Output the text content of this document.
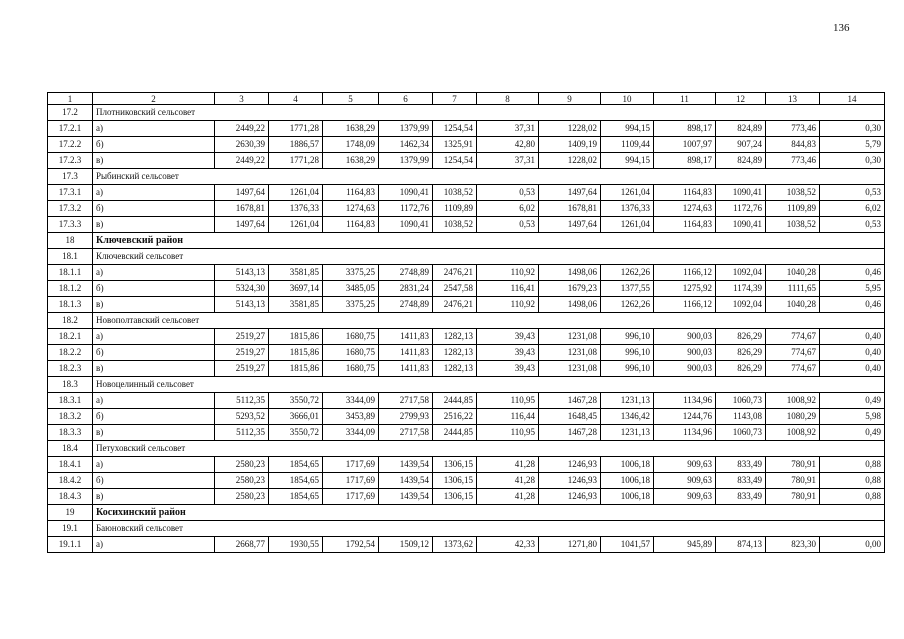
136
1	2	3	4	5	6	7	8	9	10	11	12	13	14
17.2	Плотниковский сельсовет												
17.2.1	а)	2449,22	1771,28	1638,29	1379,99	1254,54	37,31	1228,02	994,15	898,17	824,89	773,46	0,30
17.2.2	б)	2630,39	1886,57	1748,09	1462,34	1325,91	42,80	1409,19	1109,44	1007,97	907,24	844,83	5,79
17.2.3	в)	2449,22	1771,28	1638,29	1379,99	1254,54	37,31	1228,02	994,15	898,17	824,89	773,46	0,30
17.3	Рыбинский сельсовет												
17.3.1	а)	1497,64	1261,04	1164,83	1090,41	1038,52	0,53	1497,64	1261,04	1164,83	1090,41	1038,52	0,53
17.3.2	б)	1678,81	1376,33	1274,63	1172,76	1109,89	6,02	1678,81	1376,33	1274,63	1172,76	1109,89	6,02
17.3.3	в)	1497,64	1261,04	1164,83	1090,41	1038,52	0,53	1497,64	1261,04	1164,83	1090,41	1038,52	0,53
18	Ключевский район												
18.1	Ключевский сельсовет												
18.1.1	а)	5143,13	3581,85	3375,25	2748,89	2476,21	110,92	1498,06	1262,26	1166,12	1092,04	1040,28	0,46
18.1.2	б)	5324,30	3697,14	3485,05	2831,24	2547,58	116,41	1679,23	1377,55	1275,92	1174,39	1111,65	5,95
18.1.3	в)	5143,13	3581,85	3375,25	2748,89	2476,21	110,92	1498,06	1262,26	1166,12	1092,04	1040,28	0,46
18.2	Новополтавский сельсовет												
18.2.1	а)	2519,27	1815,86	1680,75	1411,83	1282,13	39,43	1231,08	996,10	900,03	826,29	774,67	0,40
18.2.2	б)	2519,27	1815,86	1680,75	1411,83	1282,13	39,43	1231,08	996,10	900,03	826,29	774,67	0,40
18.2.3	в)	2519,27	1815,86	1680,75	1411,83	1282,13	39,43	1231,08	996,10	900,03	826,29	774,67	0,40
18.3	Новоцелинный сельсовет												
18.3.1	а)	5112,35	3550,72	3344,09	2717,58	2444,85	110,95	1467,28	1231,13	1134,96	1060,73	1008,92	0,49
18.3.2	б)	5293,52	3666,01	3453,89	2799,93	2516,22	116,44	1648,45	1346,42	1244,76	1143,08	1080,29	5,98
18.3.3	в)	5112,35	3550,72	3344,09	2717,58	2444,85	110,95	1467,28	1231,13	1134,96	1060,73	1008,92	0,49
18.4	Петуховский сельсовет												
18.4.1	а)	2580,23	1854,65	1717,69	1439,54	1306,15	41,28	1246,93	1006,18	909,63	833,49	780,91	0,88
18.4.2	б)	2580,23	1854,65	1717,69	1439,54	1306,15	41,28	1246,93	1006,18	909,63	833,49	780,91	0,88
18.4.3	в)	2580,23	1854,65	1717,69	1439,54	1306,15	41,28	1246,93	1006,18	909,63	833,49	780,91	0,88
19	Косихинский район												
19.1	Баюновский сельсовет												
19.1.1	а)	2668,77	1930,55	1792,54	1509,12	1373,62	42,33	1271,80	1041,57	945,89	874,13	823,30	0,00
